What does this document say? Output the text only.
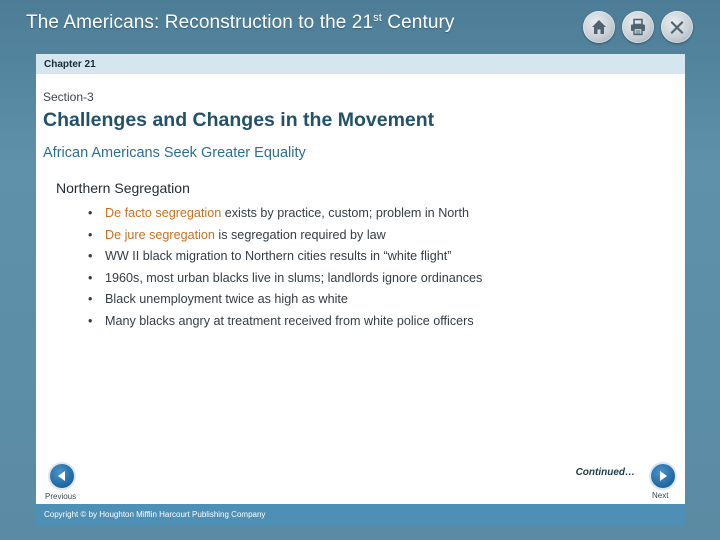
The Americans: Reconstruction to the 21st Century
Chapter 21
Section-3
Challenges and Changes in the Movement
African Americans Seek Greater Equality
Northern Segregation
• De facto segregation exists by practice, custom; problem in North
• De jure segregation is segregation required by law
• WW II black migration to Northern cities results in “white flight”
• 1960s, most urban blacks live in slums; landlords ignore ordinances
• Black unemployment twice as high as white
• Many blacks angry at treatment received from white police officers
Continued…
Previous	Next
Copyright © by Houghton Mifflin Harcourt Publishing Company
